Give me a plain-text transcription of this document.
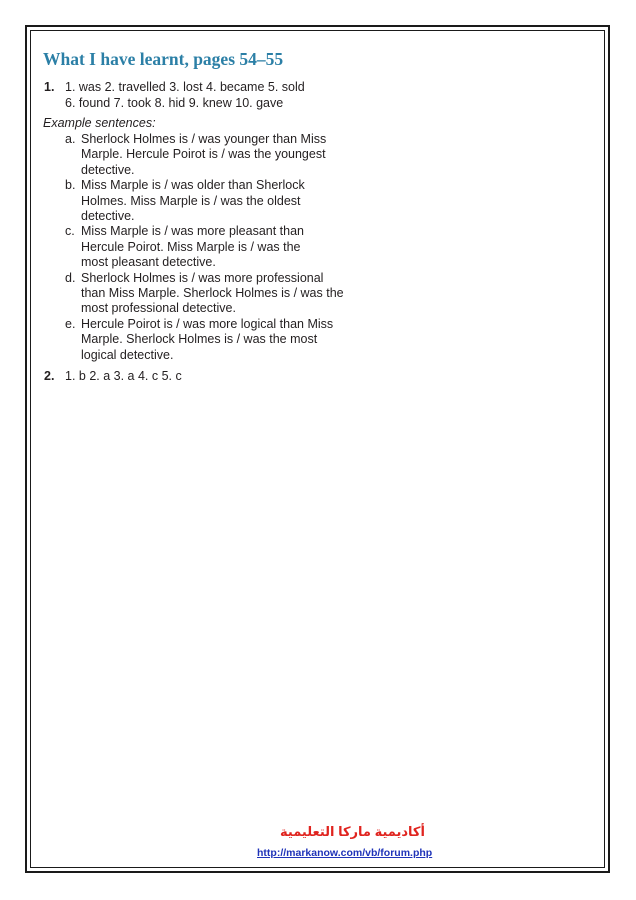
What I have learnt, pages 54–55
1. 1. was 2. travelled 3. lost 4. became 5. sold
6. found 7. took 8. hid 9. knew 10. gave
Example sentences:
a. Sherlock Holmes is / was younger than Miss
Marple. Hercule Poirot is / was the youngest
detective.
b. Miss Marple is / was older than Sherlock
Holmes. Miss Marple is / was the oldest
detective.
c. Miss Marple is / was more pleasant than
Hercule Poirot. Miss Marple is / was the
most pleasant detective.
d. Sherlock Holmes is / was more professional
than Miss Marple. Sherlock Holmes is / was the
most professional detective.
e. Hercule Poirot is / was more logical than Miss
Marple. Sherlock Holmes is / was the most
logical detective.
2. 1. b 2. a 3. a 4. c 5. c
أكاديمية ماركا التعليمية
http://markanow.com/vb/forum.php
